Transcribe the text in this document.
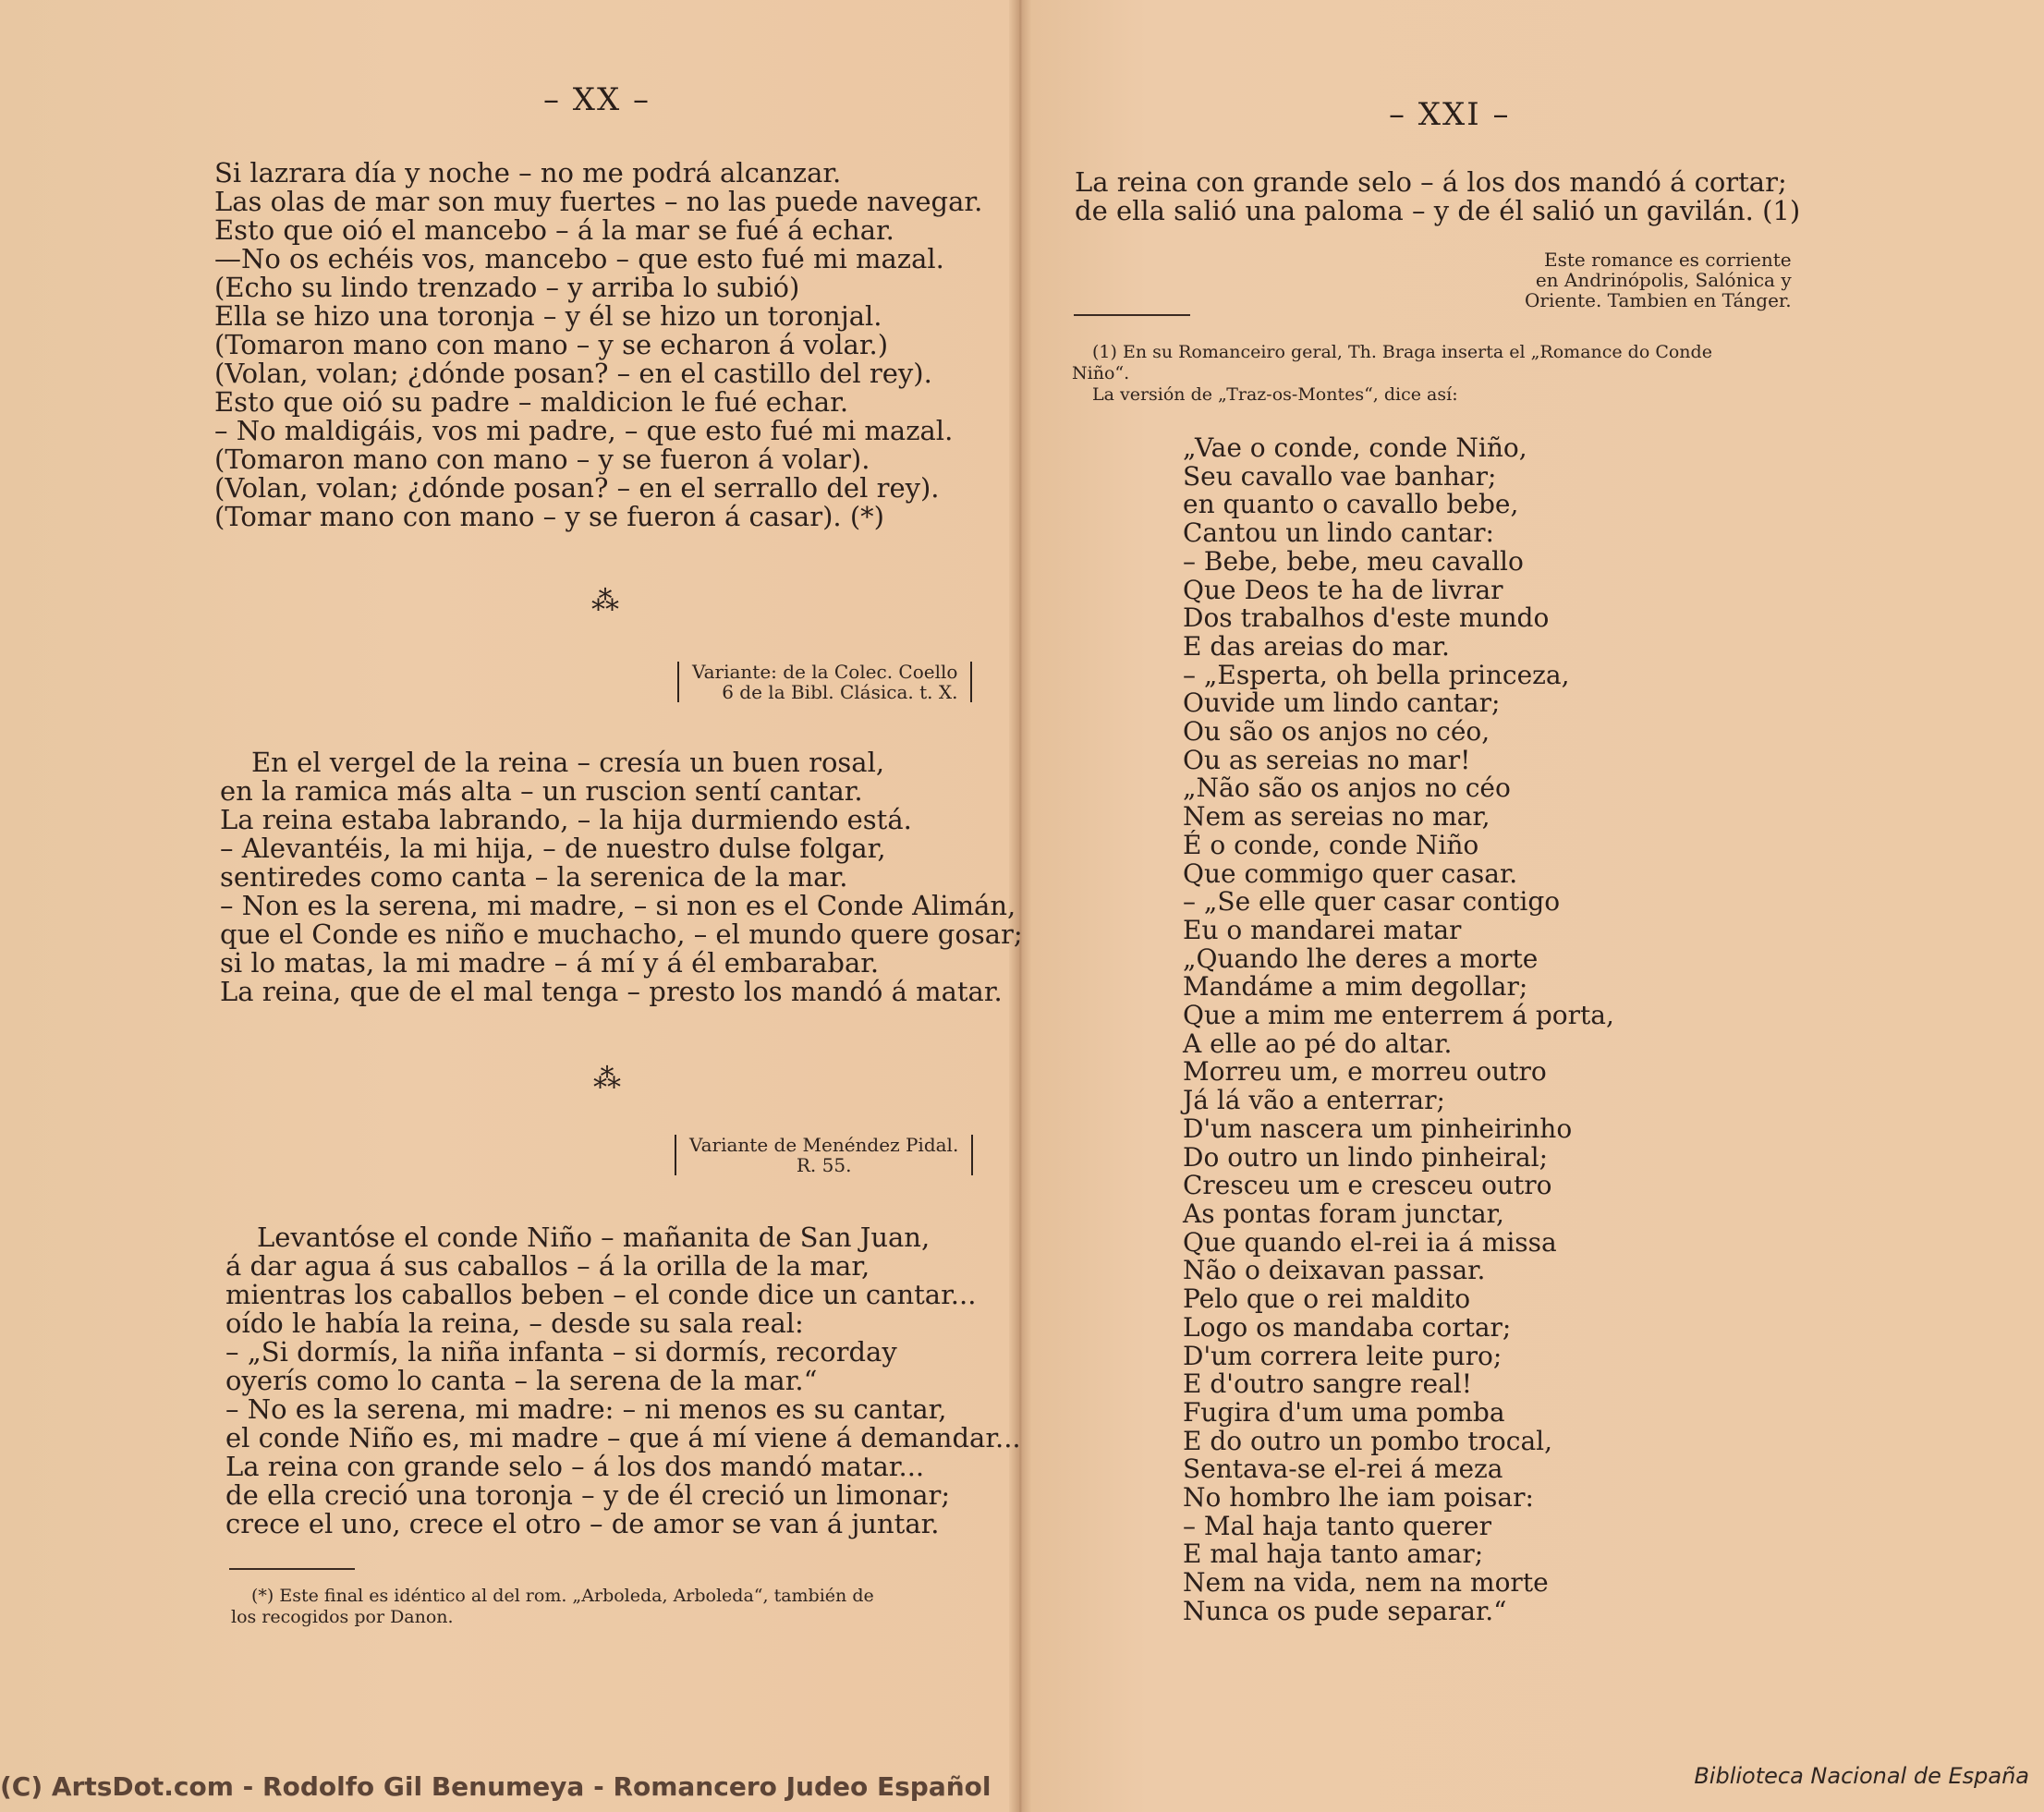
– XX –
Si lazrara día y noche – no me podrá alcanzar.
Las olas de mar son muy fuertes – no las puede navegar.
Esto que oió el mancebo – á la mar se fué á echar.
—No os echéis vos, mancebo – que esto fué mi mazal.
(Echo su lindo trenzado – y arriba lo subió)
Ella se hizo una toronja – y él se hizo un toronjal.
(Tomaron mano con mano – y se echaron á volar.)
(Volan, volan; ¿dónde posan? – en el castillo del rey).
Esto que oió su padre – maldicion le fué echar.
– No maldigáis, vos mi padre, – que esto fué mi mazal.
(Tomaron mano con mano – y se fueron á volar).
(Volan, volan; ¿dónde posan? – en el serrallo del rey).
(Tomar mano con mano – y se fueron á casar). (*)
⁂
Variante: de la Colec. Coello
6 de la Bibl. Clásica. t. X.
En el vergel de la reina – cresía un buen rosal,
en la ramica más alta – un ruscion sentí cantar.
La reina estaba labrando, – la hija durmiendo está.
– Alevantéis, la mi hija, – de nuestro dulse folgar,
sentiredes como canta – la serenica de la mar.
– Non es la serena, mi madre, – si non es el Conde Alimán,
que el Conde es niño e muchacho, – el mundo quere gosar;
si lo matas, la mi madre – á mí y á él embarabar.
La reina, que de el mal tenga – presto los mandó á matar.
⁂
Variante de Menéndez Pidal.
R. 55.
Levantóse el conde Niño – mañanita de San Juan,
á dar agua á sus caballos – á la orilla de la mar,
mientras los caballos beben – el conde dice un cantar...
oído le había la reina, – desde su sala real:
– „Si dormís, la niña infanta – si dormís, recorday
oyerís como lo canta – la serena de la mar.“
– No es la serena, mi madre: – ni menos es su cantar,
el conde Niño es, mi madre – que á mí viene á demandar...
La reina con grande selo – á los dos mandó matar...
de ella creció una toronja – y de él creció un limonar;
crece el uno, crece el otro – de amor se van á juntar.
(*) Este final es idéntico al del rom. „Arboleda, Arboleda“, también de
los recogidos por Danon.
– XXI –
La reina con grande selo – á los dos mandó á cortar;
de ella salió una paloma – y de él salió un gavilán. (1)
Este romance es corriente
en Andrinópolis, Salónica y
Oriente. Tambien en Tánger.
(1) En su Romanceiro geral, Th. Braga inserta el „Romance do Conde
Niño“.
La versión de „Traz-os-Montes“, dice así:
„Vae o conde, conde Niño,
Seu cavallo vae banhar;
en quanto o cavallo bebe,
Cantou un lindo cantar:
– Bebe, bebe, meu cavallo
Que Deos te ha de livrar
Dos trabalhos d'este mundo
E das areias do mar.
– „Esperta, oh bella princeza,
Ouvide um lindo cantar;
Ou são os anjos no céo,
Ou as sereias no mar!
„Não são os anjos no céo
Nem as sereias no mar,
É o conde, conde Niño
Que commigo quer casar.
– „Se elle quer casar contigo
Eu o mandarei matar
„Quando lhe deres a morte
Mandáme a mim degollar;
Que a mim me enterrem á porta,
A elle ao pé do altar.
Morreu um, e morreu outro
Já lá vão a enterrar;
D'um nascera um pinheirinho
Do outro un lindo pinheiral;
Cresceu um e cresceu outro
As pontas foram junctar,
Que quando el-rei ia á missa
Não o deixavan passar.
Pelo que o rei maldito
Logo os mandaba cortar;
D'um correra leite puro;
E d'outro sangre real!
Fugira d'um uma pomba
E do outro un pombo trocal,
Sentava-se el-rei á meza
No hombro lhe iam poisar:
– Mal haja tanto querer
E mal haja tanto amar;
Nem na vida, nem na morte
Nunca os pude separar.“
(C) ArtsDot.com - Rodolfo Gil Benumeya - Romancero Judeo Español	Biblioteca Nacional de España
